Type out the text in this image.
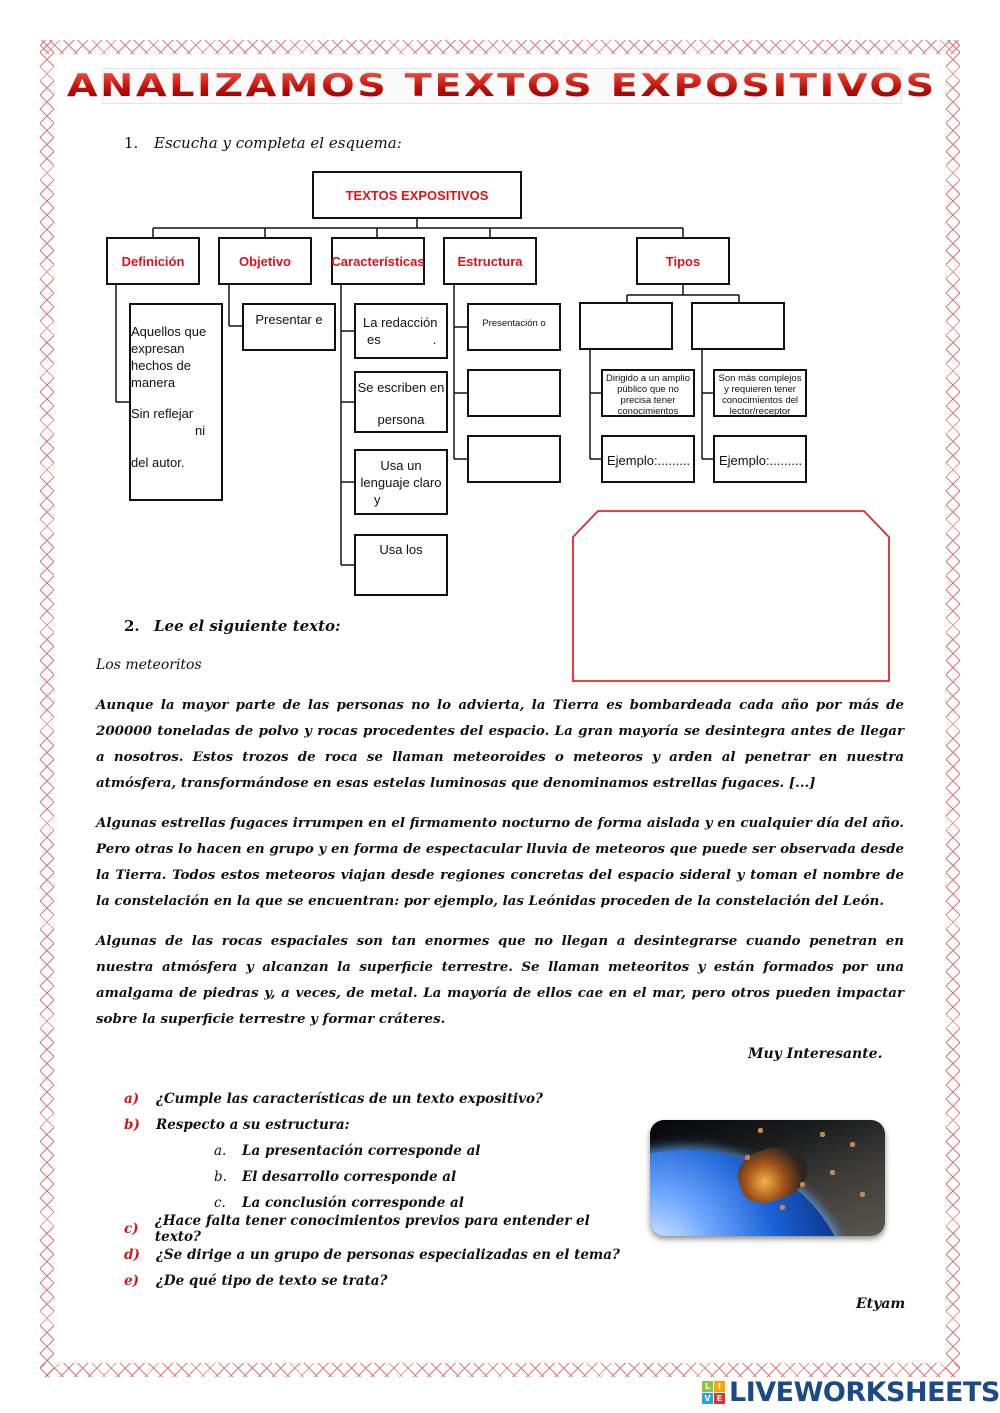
ANALIZAMOS TEXTOS EXPOSITIVOS
1. Escucha y completa el esquema:
TEXTOS EXPOSITIVOS
Definición	Objetivo	Características	Estructura	Tipos
Aquellos que
expresan
hechos de
manera
Sin reflejar
ni
del autor.
Presentar e	La redacción
es	.
Se escriben en
persona
Usa un
lenguaje claro
y
Usa los
Presentación o
Dirigido a un amplio público que no precisa tener conocimientos
Son más complejos y requieren tener conocimientos del lector/receptor
Ejemplo:.........	Ejemplo:.........
2. Lee el siguiente texto:
Los meteoritos

Aunque la mayor parte de las personas no lo advierta, la Tierra es bombardeada cada año por más de 200000 toneladas de polvo y rocas procedentes del espacio. La gran mayoría se desintegra antes de llegar a nosotros. Estos trozos de roca se llaman meteoroides o meteoros y arden al penetrar en nuestra atmósfera, transformándose en esas estelas luminosas que denominamos estrellas fugaces. [...]

Algunas estrellas fugaces irrumpen en el firmamento nocturno de forma aislada y en cualquier día del año. Pero otras lo hacen en grupo y en forma de espectacular lluvia de meteoros que puede ser observada desde la Tierra. Todos estos meteoros viajan desde regiones concretas del espacio sideral y toman el nombre de la constelación en la que se encuentran: por ejemplo, las Leónidas proceden de la constelación del León.

Algunas de las rocas espaciales son tan enormes que no llegan a desintegrarse cuando penetran en nuestra atmósfera y alcanzan la superficie terrestre. Se llaman meteoritos y están formados por una amalgama de piedras y, a veces, de metal. La mayoría de ellos cae en el mar, pero otros pueden impactar sobre la superficie terrestre y formar cráteres.

Muy Interesante.
a)	¿Cumple las características de un texto expositivo?
b)	Respecto a su estructura:
a.	La presentación corresponde al
b.	El desarrollo corresponde al
c.	La conclusión corresponde al
c)	¿Hace falta tener conocimientos previos para entender el texto?
d)	¿Se dirige a un grupo de personas especializadas en el tema?
e)	¿De qué tipo de texto se trata?
Etyam
L I
V E LIVEWORKSHEETS
